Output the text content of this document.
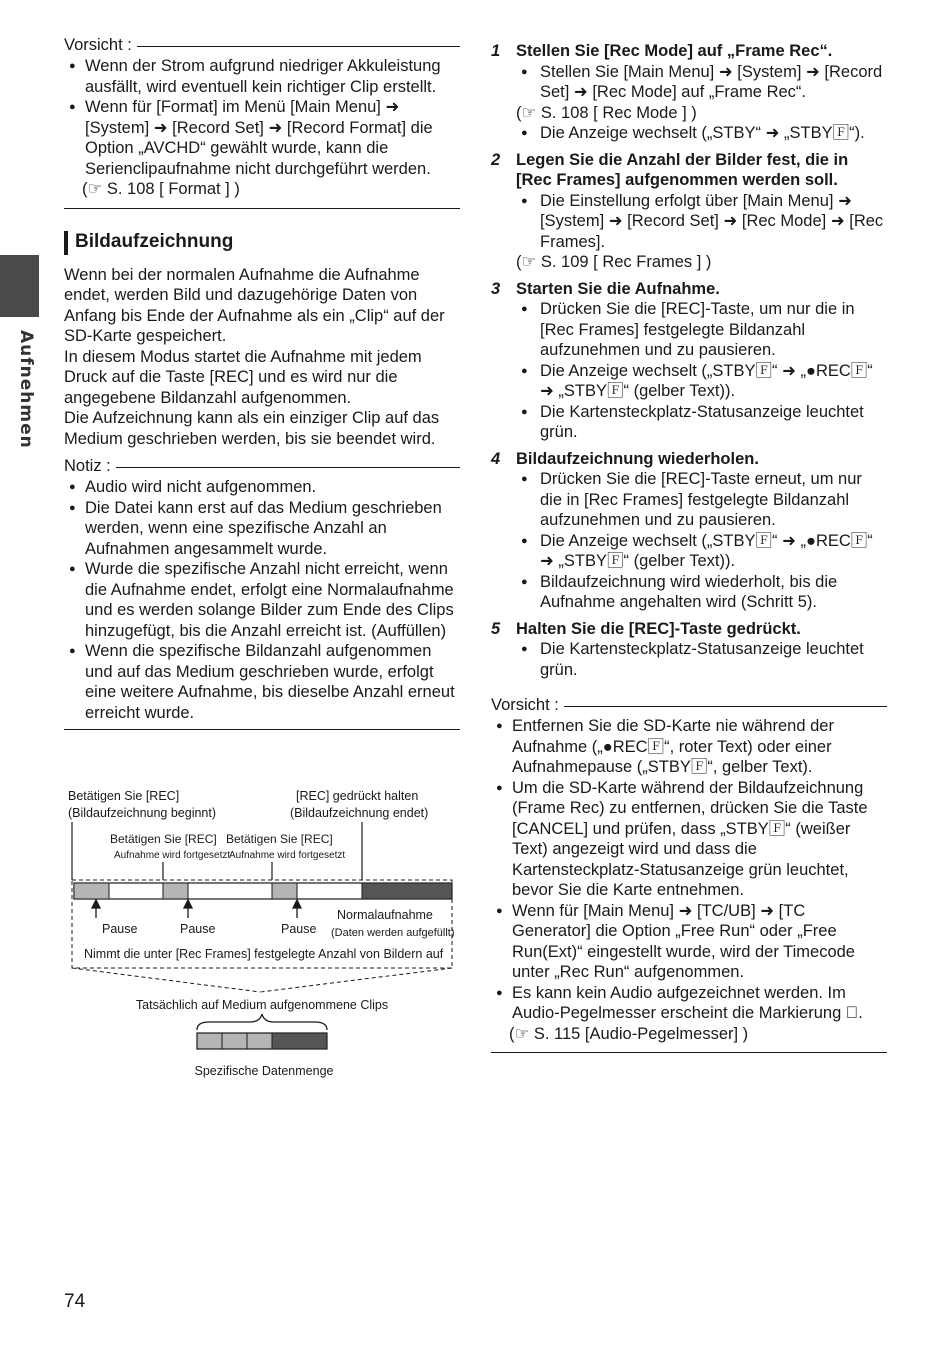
Aufnehmen
Vorsicht :
● Wenn der Strom aufgrund niedriger Akkuleistung ausfällt, wird eventuell kein richtiger Clip erstellt.
● Wenn für [Format] im Menü [Main Menu] ➜ [System] ➜ [Record Set] ➜ [Record Format] die Option „AVCHD“ gewählt wurde, kann die Serienclipaufnahme nicht durchgeführt werden.
(☞ S. 108 [ Format ] )
Bildaufzeichnung
Wenn bei der normalen Aufnahme die Aufnahme endet, werden Bild und dazugehörige Daten von Anfang bis Ende der Aufnahme als ein „Clip“ auf der SD-Karte gespeichert.
In diesem Modus startet die Aufnahme mit jedem Druck auf die Taste [REC] und es wird nur die angegebene Bildanzahl aufgenommen.
Die Aufzeichnung kann als ein einziger Clip auf das Medium geschrieben werden, bis sie beendet wird.
Notiz :
● Audio wird nicht aufgenommen.
● Die Datei kann erst auf das Medium geschrieben werden, wenn eine spezifische Anzahl an Aufnahmen angesammelt wurde.
● Wurde die spezifische Anzahl nicht erreicht, wenn die Aufnahme endet, erfolgt eine Normalaufnahme und es werden solange Bilder zum Ende des Clips hinzugefügt, bis die Anzahl erreicht ist. (Auffüllen)
● Wenn die spezifische Bildanzahl aufgenommen und auf das Medium geschrieben wurde, erfolgt eine weitere Aufnahme, bis dieselbe Anzahl erneut erreicht wurde.
Betätigen Sie [REC]
(Bildaufzeichnung beginnt)
[REC] gedrückt halten
(Bildaufzeichnung endet)
Betätigen Sie [REC] Betätigen Sie [REC]
Aufnahme wird fortgesetzt
Aufnahme wird fortgesetzt
Pause	Pause	Pause
Normalaufnahme
(Daten werden aufgefüllt)
Nimmt die unter [Rec Frames] festgelegte Anzahl von Bildern auf
Tatsächlich auf Medium aufgenommene Clips
Spezifische Datenmenge
1 Stellen Sie [Rec Mode] auf „Frame Rec“.
● Stellen Sie [Main Menu] ➜ [System] ➜ [Record Set] ➜ [Rec Mode] auf „Frame Rec“.
(☞ S. 108 [ Rec Mode ] )
● Die Anzeige wechselt („STBY“ ➜ „STBY🄵“).
2 Legen Sie die Anzahl der Bilder fest, die in [Rec Frames] aufgenommen werden soll.
● Die Einstellung erfolgt über [Main Menu] ➜ [System] ➜ [Record Set] ➜ [Rec Mode] ➜ [Rec Frames].
(☞ S. 109 [ Rec Frames ] )
3 Starten Sie die Aufnahme.
● Drücken Sie die [REC]-Taste, um nur die in [Rec Frames] festgelegte Bildanzahl aufzunehmen und zu pausieren.
● Die Anzeige wechselt („STBY🄵“ ➜ „●REC🄵“ ➜ „STBY🄵“ (gelber Text)).
● Die Kartensteckplatz-Statusanzeige leuchtet grün.
4 Bildaufzeichnung wiederholen.
● Drücken Sie die [REC]-Taste erneut, um nur die in [Rec Frames] festgelegte Bildanzahl aufzunehmen und zu pausieren.
● Die Anzeige wechselt („STBY🄵“ ➜ „●REC🄵“ ➜ „STBY🄵“ (gelber Text)).
● Bildaufzeichnung wird wiederholt, bis die Aufnahme angehalten wird (Schritt 5).
5 Halten Sie die [REC]-Taste gedrückt.
● Die Kartensteckplatz-Statusanzeige leuchtet grün.
Vorsicht :
● Entfernen Sie die SD-Karte nie während der Aufnahme („●REC🄵“, roter Text) oder einer Aufnahmepause („STBY🄵“, gelber Text).
● Um die SD-Karte während der Bildaufzeichnung (Frame Rec) zu entfernen, drücken Sie die Taste [CANCEL] und prüfen, dass „STBY🄵“ (weißer Text) angezeigt wird und dass die Kartensteckplatz-Statusanzeige grün leuchtet, bevor Sie die Karte entnehmen.
● Wenn für [Main Menu] ➜ [TC/UB] ➜ [TC Generator] die Option „Free Run“ oder „Free Run(Ext)“ eingestellt wurde, wird der Timecode unter „Rec Run“ aufgenommen.
● Es kann kein Audio aufgezeichnet werden. Im Audio-Pegelmesser erscheint die Markierung ⃠.
(☞ S. 115 [Audio-Pegelmesser] )
74
